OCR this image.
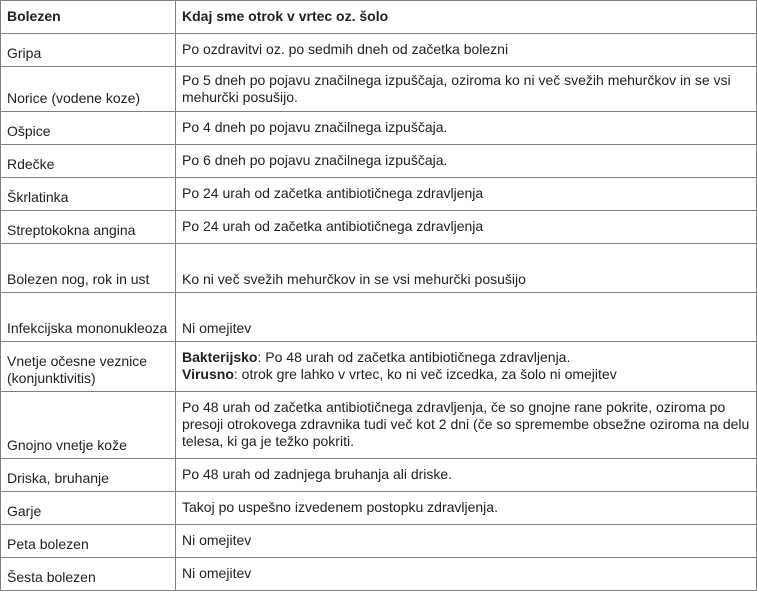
Bolezen	Kdaj sme otrok v vrtec oz. šolo
Gripa	Po ozdravitvi oz. po sedmih dneh od začetka bolezni
Norice (vodene koze)	Po 5 dneh po pojavu značilnega izpuščaja, oziroma ko ni več svežih mehurčkov in se vsi mehurčki posušijo.
Ošpice	Po 4 dneh po pojavu značilnega izpuščaja.
Rdečke	Po 6 dneh po pojavu značilnega izpuščaja.
Škrlatinka	Po 24 urah od začetka antibiotičnega zdravljenja
Streptokokna angina	Po 24 urah od začetka antibiotičnega zdravljenja
Bolezen nog, rok in ust	Ko ni več svežih mehurčkov in se vsi mehurčki posušijo
Infekcijska mononukleoza	Ni omejitev
Vnetje očesne veznice (konjunktivitis)	Bakterijsko: Po 48 urah od začetka antibiotičnega zdravljenja.
Virusno: otrok gre lahko v vrtec, ko ni več izcedka, za šolo ni omejitev
Gnojno vnetje kože	Po 48 urah od začetka antibiotičnega zdravljenja, če so gnojne rane pokrite, oziroma po presoji otrokovega zdravnika tudi več kot 2 dni (če so spremembe obsežne oziroma na delu telesa, ki ga je težko pokriti.
Driska, bruhanje	Po 48 urah od zadnjega bruhanja ali driske.
Garje	Takoj po uspešno izvedenem postopku zdravljenja.
Peta bolezen	Ni omejitev
Šesta bolezen	Ni omejitev
